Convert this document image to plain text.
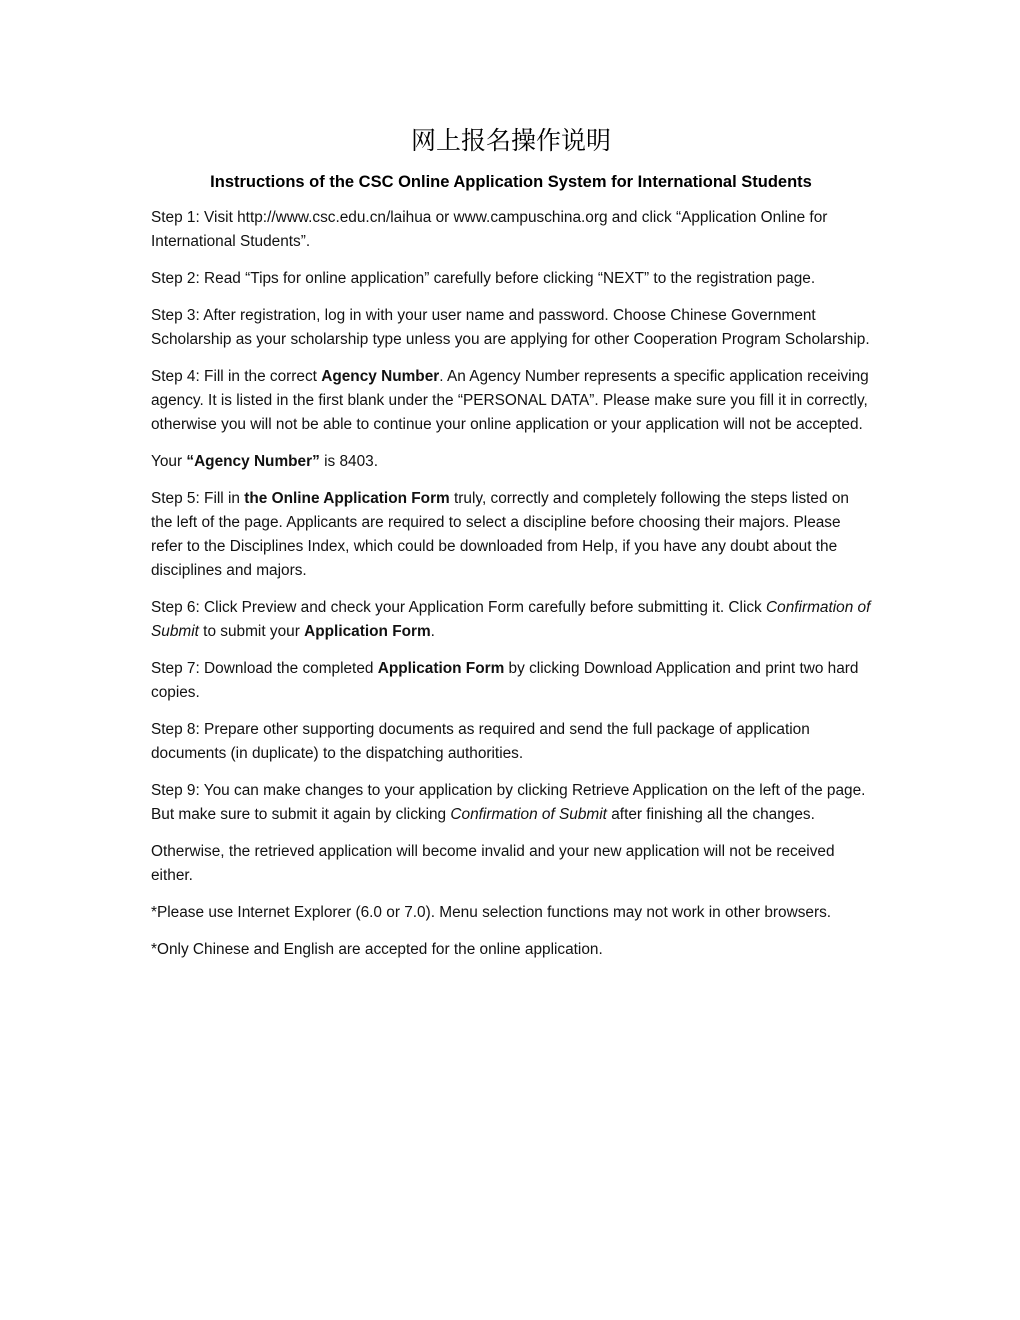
网上报名操作说明
Instructions of the CSC Online Application System for International Students

Step 1: Visit http://www.csc.edu.cn/laihua or www.campuschina.org and click “Application Online for International Students”.

Step 2: Read “Tips for online application” carefully before clicking “NEXT” to the registration page.

Step 3: After registration, log in with your user name and password. Choose Chinese Government Scholarship as your scholarship type unless you are applying for other Cooperation Program Scholarship.

Step 4: Fill in the correct Agency Number. An Agency Number represents a specific application receiving agency. It is listed in the first blank under the “PERSONAL DATA”. Please make sure you fill it in correctly, otherwise you will not be able to continue your online application or your application will not be accepted.

Your “Agency Number” is 8403.

Step 5: Fill in the Online Application Form truly, correctly and completely following the steps listed on the left of the page. Applicants are required to select a discipline before choosing their majors. Please refer to the Disciplines Index, which could be downloaded from Help, if you have any doubt about the disciplines and majors.

Step 6: Click Preview and check your Application Form carefully before submitting it. Click Confirmation of Submit to submit your Application Form.

Step 7: Download the completed Application Form by clicking Download Application and print two hard copies.

Step 8: Prepare other supporting documents as required and send the full package of application documents (in duplicate) to the dispatching authorities.

Step 9: You can make changes to your application by clicking Retrieve Application on the left of the page. But make sure to submit it again by clicking Confirmation of Submit after finishing all the changes.

Otherwise, the retrieved application will become invalid and your new application will not be received either.

*Please use Internet Explorer (6.0 or 7.0). Menu selection functions may not work in other browsers.

*Only Chinese and English are accepted for the online application.
